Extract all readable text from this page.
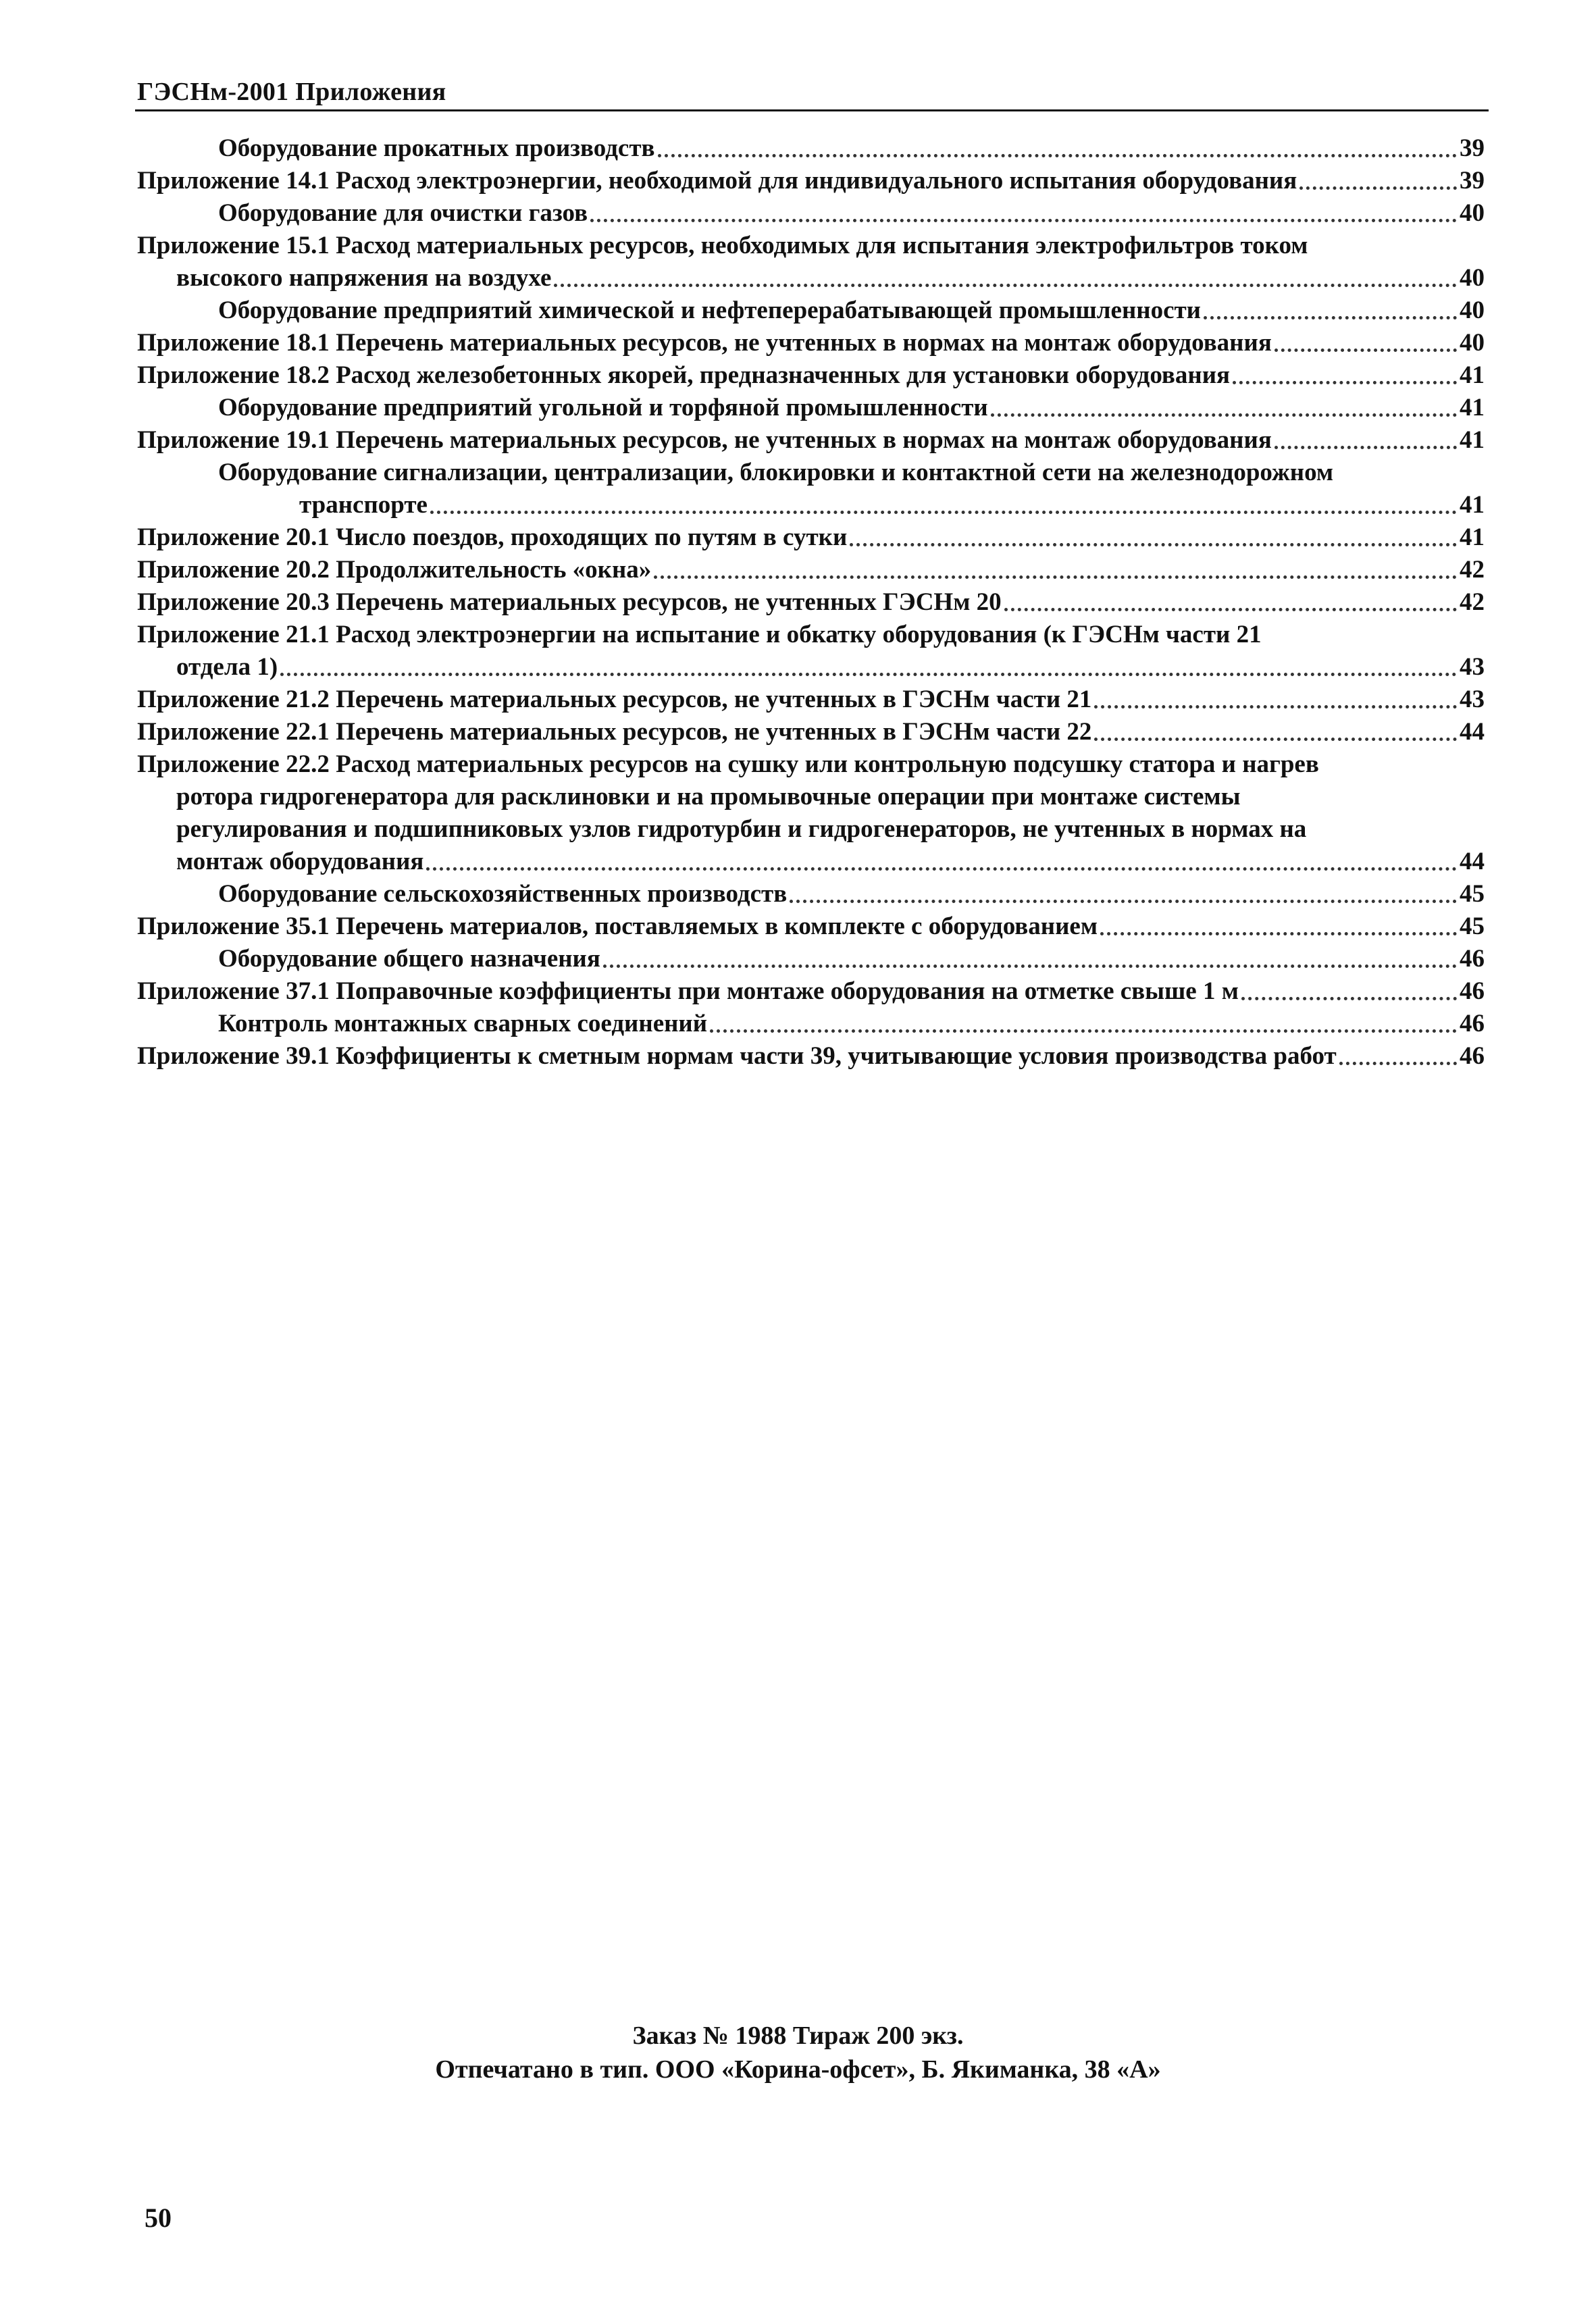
ГЭСНм-2001 Приложения
Оборудование прокатных производств	39
Приложение 14.1 Расход электроэнергии, необходимой для индивидуального испытания оборудования	39
Оборудование для очистки газов	40
Приложение 15.1 Расход материальных ресурсов, необходимых для испытания электрофильтров током
высокого напряжения на воздухе	40
Оборудование предприятий химической и нефтеперерабатывающей промышленности	40
Приложение 18.1 Перечень материальных ресурсов, не учтенных в нормах на монтаж оборудования	40
Приложение 18.2 Расход железобетонных якорей, предназначенных для установки оборудования	41
Оборудование предприятий угольной и торфяной промышленности	41
Приложение 19.1 Перечень материальных ресурсов, не учтенных в нормах на монтаж оборудования	41
Оборудование сигнализации, централизации, блокировки и контактной сети на железнодорожном
транспорте	41
Приложение 20.1 Число поездов, проходящих по путям в сутки	41
Приложение 20.2 Продолжительность «окна»	42
Приложение 20.3 Перечень материальных ресурсов, не учтенных ГЭСНм 20	42
Приложение 21.1 Расход электроэнергии на испытание и обкатку оборудования (к ГЭСНм части 21
отдела 1)	43
Приложение 21.2 Перечень материальных ресурсов, не учтенных в ГЭСНм части 21	43
Приложение 22.1 Перечень материальных ресурсов, не учтенных в ГЭСНм части 22	44
Приложение 22.2 Расход материальных ресурсов на сушку или контрольную подсушку статора и нагрев
ротора гидрогенератора для расклиновки и на промывочные операции при монтаже системы
регулирования и подшипниковых узлов гидротурбин и гидрогенераторов, не учтенных в нормах на
монтаж оборудования	44
Оборудование сельскохозяйственных производств	45
Приложение 35.1 Перечень материалов, поставляемых в комплекте с оборудованием	45
Оборудование общего назначения	46
Приложение 37.1 Поправочные коэффициенты при монтаже оборудования на отметке свыше 1 м	46
Контроль монтажных сварных соединений	46
Приложение 39.1 Коэффициенты к сметным нормам части 39, учитывающие условия производства работ	46
Заказ № 1988 Тираж 200 экз.
Отпечатано в тип. ООО «Корина-офсет», Б. Якиманка, 38 «А»
50
